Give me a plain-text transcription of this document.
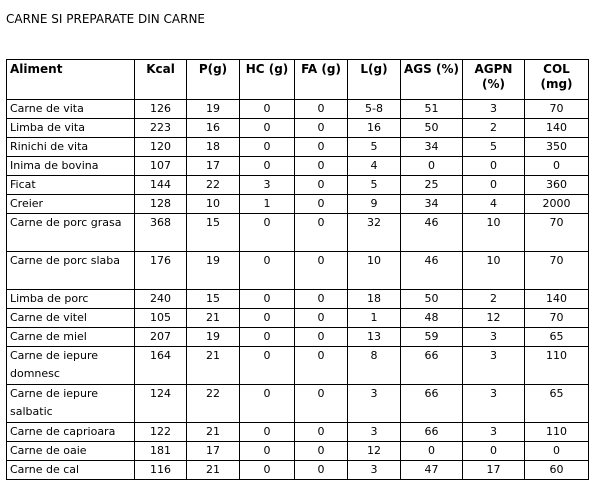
CARNE SI PREPARATE DIN CARNE
Aliment	Kcal	P(g)	HC (g)	FA (g)	L(g)	AGS (%)	AGPN (%)	COL (mg)
Carne de vita	126	19	0	0	5-8	51	3	70
Limba de vita	223	16	0	0	16	50	2	140
Rinichi de vita	120	18	0	0	5	34	5	350
Inima de bovina	107	17	0	0	4	0	0	0
Ficat	144	22	3	0	5	25	0	360
Creier	128	10	1	0	9	34	4	2000
Carne de porc grasa	368	15	0	0	32	46	10	70
Carne de porc slaba	176	19	0	0	10	46	10	70
Limba de porc	240	15	0	0	18	50	2	140
Carne de vitel	105	21	0	0	1	48	12	70
Carne de miel	207	19	0	0	13	59	3	65
Carne de iepure domnesc	164	21	0	0	8	66	3	110
Carne de iepure salbatic	124	22	0	0	3	66	3	65
Carne de caprioara	122	21	0	0	3	66	3	110
Carne de oaie	181	17	0	0	12	0	0	0
Carne de cal	116	21	0	0	3	47	17	60
